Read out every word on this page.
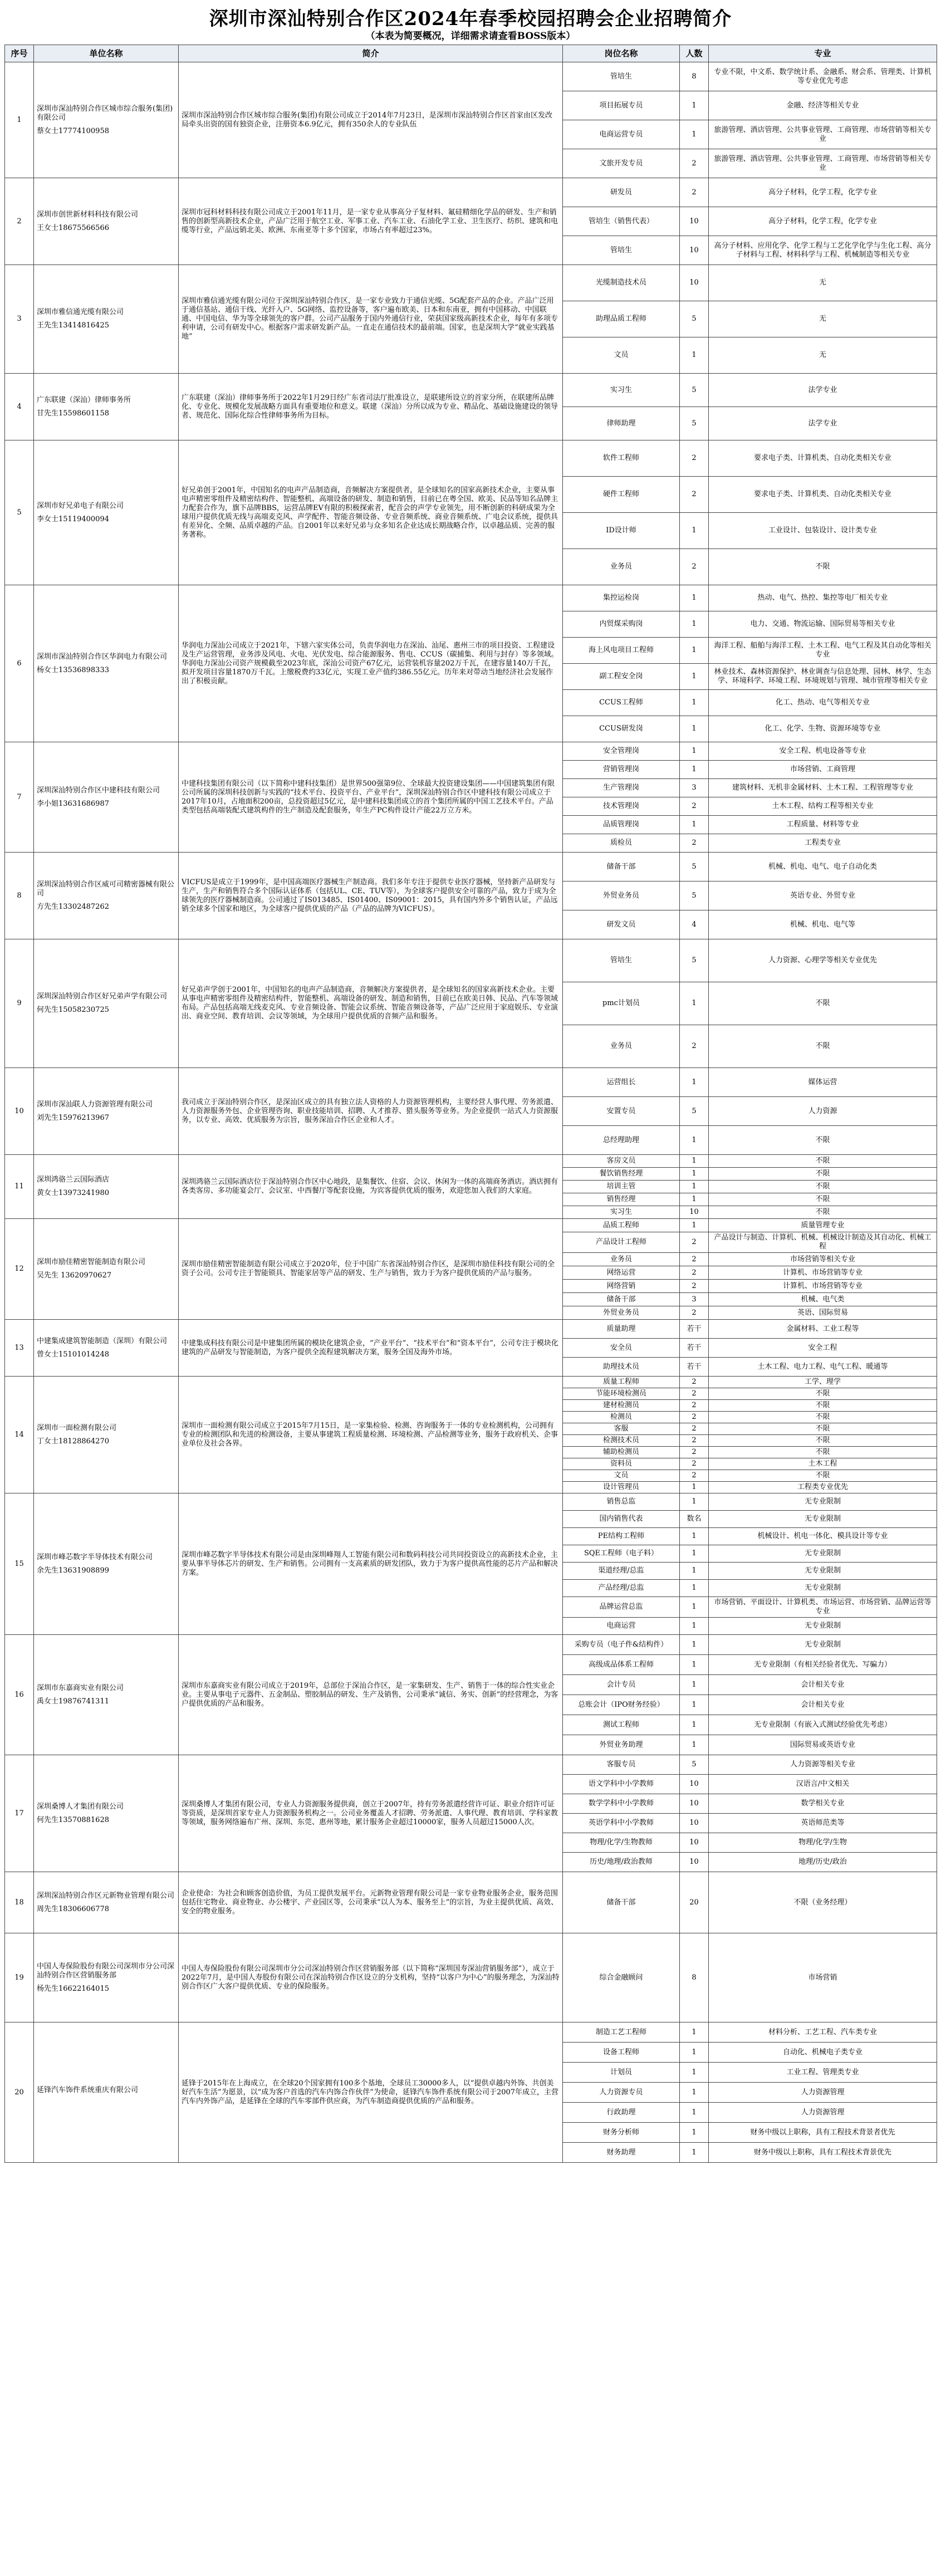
深圳市深汕特别合作区2024年春季校园招聘会企业招聘简介
（本表为简要概况，详细需求请查看BOSS版本）
序号	单位名称	简介	岗位名称	人数	专业
1	深圳市深汕特别合作区城市综合服务(集团)有限公司
蔡女士17774100958	深圳市深汕特别合作区城市综合服务(集团)有限公司成立于2014年7月23日，是深圳市深汕特别合作区首家由区发改局牵头出资的国有独资企业，注册资本6.9亿元，拥有350余人的专业队伍	管培生	8	专业不限，中文系、数学统计系、金融系、财会系、管理类、计算机等专业优先考虑
			项目拓展专员	1	金融、经济等相关专业
			电商运营专员	1	旅游管理、酒店管理、公共事业管理、工商管理、市场营销等相关专业
			文旅开发专员	2	旅游管理、酒店管理、公共事业管理、工商管理、市场营销等相关专业
2	深圳市创世新材料科技有限公司
王女士18675566566	深圳市冠科材料科技有限公司成立于2001年11月，是一家专业从事高分子复材料、氟硅精细化学品的研发、生产和销售的创新型高新技术企业，产品广泛用于航空工业、军事工业、汽车工业、石油化学工业、卫生医疗、纺织、建筑和电缆等行业，产品远销北美、欧洲、东南亚等十多个国家，市场占有率超过23%。	研发员	2	高分子材料，化学工程，化学专业
			管培生（销售代表）	10	高分子材料，化学工程，化学专业
			管培生	10	高分子材料、应用化学、化学工程与工艺化学化学与生化工程、高分子材料与工程、材料科学与工程、机械制造等相关专业
3	深圳市雅信通光缆有限公司
王先生13414816425	深圳市雅信通光缆有限公司位于深圳深汕特别合作区，是一家专业致力于通信光缆、5G配套产品的企业。产品广泛用于通信基站、通信干线、光纤入户、5G网络、监控设备等，客户遍布欧美、日本和东南亚，拥有中国移动、中国联通、中国电信、华为等全球领先的客户群。公司产品服务于国内外通信行业，荣获国家级高新技术企业，每年有多项专利申请，公司有研发中心。根据客户需求研发新产品。一直走在通信技术的最前端。国家，也是深圳大学“就业实践基地”	光缆制造技术员	10	无
			助理品质工程师	5	无
			文员	1	无
4	广东联建（深汕）律师事务所
甘先生15598601158	广东联建（深汕）律师事务所于2022年1月29日经广东省司法厅批准设立，是联建所设立的首家分所，在联建所品牌化、专业化、规模化发展战略方面具有重要地位和意义。联建（深汕）分所以成为专业、精品化、基础设施建设的领导者、规范化、国际化综合性律师事务所为目标。	实习生	5	法学专业
			律师助理	5	法学专业
5	深圳市好兄弟电子有限公司
李女士15119400094	好兄弟创于2001年，中国知名的电声产品制造商，音频解决方案提供者，是全球知名的国家高新技术企业，主要从事电声精密零组件及精密结构件、智能整机、高端设备的研发、制造和销售，目前已在粤全国、欧美、民品等知名品牌主力配套合作为，旗下品牌BBS，运营品牌EV有限的积极探索者，配音会的声学专业领先，用不断创新的科研成果为全球用户提供优质无线与高端麦克风、声学配件、智能音频设备、专业音频系统、商业音频系统、广电会议系统，提供具有差异化、全频、品质卓越的产品。自2001年以来好兄弟与众多知名企业达成长期战略合作，以卓越品质、完善的服务著称。	软件工程师	2	要求电子类、计算机类、自动化类相关专业
			硬件工程师	2	要求电子类、计算机类、自动化类相关专业
			ID设计师	1	工业设计、包装设计、设计类专业
			业务员	2	不限
6	深圳市深汕特别合作区华润电力有限公司
杨女士13536898333	华润电力深汕公司成立于2021年，下辖六家实体公司，负责华润电力在深汕、汕尾、惠州三市的项目投资、工程建设及生产运营管理，业务涉及风电、火电、光伏发电、综合能源服务、售电、CCUS（碳捕集、利用与封存）等多领域。华润电力深汕公司资产规模截至2023年底，深汕公司资产67亿元，运营装机容量202万千瓦，在建容量140万千瓦，拟开发项目容量1870万千瓦。上缴税费约33亿元，实现工业产值约386.55亿元。历年来对带动当地经济社会发展作出了积极贡献。	集控运检岗	1	热动、电气、热控、集控等电厂相关专业
			内贸煤采购岗	1	电力、交通、物流运输、国际贸易等相关专业
			海上风电项目工程师	1	海洋工程、船舶与海洋工程、土木工程、电气工程及其自动化等相关专业
			副工程安全岗	1	林业技术、森林资源保护、林业调查与信息处理、园林、林学、生态学、环境科学、环境工程、环境规划与管理、城市管理等相关专业
			CCUS工程师	1	化工、热动、电气等相关专业
			CCUS研发岗	1	化工、化学、生物、资源环境等专业
7	深圳深汕特别合作区中建科技有限公司
李小姐13631686987	中建科技集团有限公司（以下简称中建科技集团）是世界500强第9位、全球最大投资建设集团——中国建筑集团有限公司所属的深圳科技创新与实践的“技术平台、投资平台、产业平台”，深圳深汕特别合作区中建科技有限公司成立于2017年10月，占地面积200亩，总投资超过5亿元，是中建科技集团成立的首个集团所属的中国工艺技术平台。产品类型包括高端装配式建筑构件的生产制造及配套服务，年生产PC构件设计产能22万立方米。	安全管理岗	1	安全工程、机电设备等专业
			营销管理岗	1	市场营销、工商管理
			生产管理岗	3	建筑材料、无机非金属材料、土木工程、工程管理等专业
			技术管理岗	2	土木工程、结构工程等相关专业
			品质管理岗	1	工程质量、材料等专业
			质检员	2	工程类专业
8	深圳深汕特别合作区威可司精密器械有限公司
方先生13302487262	VICFUS是成立于1999年，是中国高端医疗器械生产制造商。我们多年专注于提供专业医疗器械，坚持新产品研发与生产，生产和销售符合多个国际认证体系（包括UL、CE、TUV等），为全球客户提供安全可靠的产品，致力于成为全球领先的医疗器械制造商。公司通过了IS013485、IS01400、IS09001：2015，具有国内外多个销售认证，产品远销全球多个国家和地区，为全球客户提供优质的产品（产品的品牌为VICFUS）。	储备干部	5	机械、机电、电气、电子自动化类
			外贸业务员	5	英语专业、外贸专业
			研发文员	4	机械、机电、电气等
9	深圳深汕特别合作区好兄弟声学有限公司
何先生15058230725	好兄弟声学创于2001年，中国知名的电声产品制造商，音频解决方案提供者，是全球知名的国家高新技术企业。主要从事电声精密零组件及精密结构件，智能整机、高端设备的研发、制造和销售，目前已在欧美日韩、民品、汽车等领域布局。产品包括高端无线麦克风、专业音频设备、智能会议系统、智能音频设备等，产品广泛应用于家庭娱乐、专业演出、商业空间、教育培训、会议等领域，为全球用户提供优质的音频产品和服务。	管培生	5	人力资源、心理学等相关专业优先
			pmc计划员	1	不限
			业务员	2	不限
10	深圳市深汕联人力资源管理有限公司
刘先生15976213967	我司成立于深汕特别合作区，是深汕区成立的具有独立法人资格的人力资源管理机构，主要经营人事代理、劳务派遣、人力资源服务外包、企业管理咨询、职业技能培训、招聘、人才推荐、猎头服务等业务。为企业提供一站式人力资源服务，以专业、高效、优质服务为宗旨，服务深汕合作区企业和人才。	运营组长	1	媒体运营
			安置专员	5	人力资源
			总经理助理	1	不限
11	深圳鸿骆兰云国际酒店
黄女士13973241980	深圳鸿骆兰云国际酒店位于深汕特别合作区中心地段，是集餐饮、住宿、会议、休闲为一体的高端商务酒店。酒店拥有各类客房、多功能宴会厅、会议室、中西餐厅等配套设施，为宾客提供优质的服务，欢迎您加入我们的大家庭。	客房文员	1	不限
			餐饮销售经理	1	不限
			培训主管	1	不限
			销售经理	1	不限
			实习生	10	不限
12	深圳市励佳精密智能制造有限公司
吴先生 13620970627	深圳市励佳精密智能制造有限公司成立于2020年，位于中国广东省深汕特别合作区，是深圳市励佳科技有限公司的全资子公司。公司专注于智能锁具、智能家居等产品的研发、生产与销售，致力于为客户提供优质的产品与服务。	品质工程师	1	质量管理专业
			产品设计工程师	2	产品设计与制造、计算机、机械、机械设计制造及其自动化、机械工程
			业务员	2	市场营销等相关专业
			网络运营	2	计算机、市场营销等专业
			网络营销	2	计算机、市场营销等专业
			储备干部	3	机械、电气类
			外贸业务员	2	英语、国际贸易
13	中建集成建筑智能制造（深圳）有限公司
曾女士15101014248	中建集成科技有限公司是中建集团所属的模块化建筑企业，“产业平台”、“技术平台”和“资本平台”，公司专注于模块化建筑的产品研发与智能制造，为客户提供全流程建筑解决方案，服务全国及海外市场。	质量助理	若干	金属材料、工业工程等
			安全员	若干	安全工程
			助理技术员	若干	土木工程、电力工程、电气工程、暖通等
14	深圳市一面检测有限公司
丁女士18128864270	深圳市一面检测有限公司成立于2015年7月15日，是一家集检验、检测、咨询服务于一体的专业检测机构，公司拥有专业的检测团队和先进的检测设备，主要从事建筑工程质量检测、环境检测、产品检测等业务，服务于政府机关、企事业单位及社会各界。	质量工程师	2	工学、理学
			节能环境检测员	2	不限
			建材检测员	2	不限
			检测员	2	不限
			客服	2	不限
			检测技术员	2	不限
			辅助检测员	2	不限
			资料员	2	土木工程
			文员	2	不限
			设计管理员	1	工程类专业优先
15	深圳市峰芯数字半导体技术有限公司
余先生13631908899	深圳市峰芯数字半导体技术有限公司是由深圳峰翔人工智能有限公司和数码科技公司共同投资设立的高新技术企业，主要从事半导体芯片的研发、生产和销售。公司拥有一支高素质的研发团队，致力于为客户提供高性能的芯片产品和解决方案。	销售总监	1	无专业限制
			国内销售代表	数名	无专业限制
			PE结构工程师	1	机械设计、机电一体化、模具设计等专业
			SQE工程师（电子料）	1	无专业限制
			渠道经理/总监	1	无专业限制
			产品经理/总监	1	无专业限制
			品牌运营总监	1	市场营销、平面设计、计算机类、市场运营、市场营销、品牌运营等专业
			电商运营	1	无专业限制
16	深圳市东嘉商实业有限公司
禹女士19876741311	深圳市东嘉商实业有限公司成立于2019年，总部位于深汕合作区，是一家集研发、生产、销售于一体的综合性实业企业。主要从事电子元器件、五金制品、塑胶制品的研发、生产及销售，公司秉承“诚信、务实、创新”的经营理念，为客户提供优质的产品和服务。	采购专员（电子件&结构件）	1	无专业限制
			高级成品体系工程师	1	无专业限制（有相关经验者优先、写骗力）
			会计专员	1	会计相关专业
			总账会计（IPO财务经验）	1	会计相关专业
			测试工程师	1	无专业限制（有嵌入式测试经验优先考虑）
			外贸业务助理	1	国际贸易或英语专业
17	深圳桑博人才集团有限公司
何先生13570881628	深圳桑博人才集团有限公司，专业人力资源服务提供商，创立于2007年，持有劳务派遣经营许可证、职业介绍许可证等资质，是深圳首家专业人力资源服务机构之一。公司业务覆盖人才招聘、劳务派遣、人事代理、教育培训、学科家教等领域，服务网络遍布广州、深圳、东莞、惠州等地，累计服务企业超过10000家，服务人员超过15000人次。	客服专员	5	人力资源等相关专业
			语文学科中小学教师	10	汉语言/中文相关
			数学学科中小学教师	10	数学相关专业
			英语学科中小学教师	10	英语师范类等
			物理/化学/生物教师	10	物理/化学/生物
			历史/地理/政治教师	10	地理/历史/政治
18	深圳深汕特别合作区元新物业管理有限公司
周先生18306606778	企业使命：为社会和顾客创造价值，为员工提供发展平台。元新物业管理有限公司是一家专业物业服务企业，服务范围包括住宅物业、商业物业、办公楼宇、产业园区等，公司秉承“以人为本、服务至上”的宗旨，为业主提供优质、高效、安全的物业服务。	储备干部	20	不限（业务经理）
19	中国人寿保险股份有限公司深圳市分公司深汕特别合作区营销服务部
杨先生16622164015	中国人寿保险股份有限公司深圳市分公司深汕特别合作区营销服务部（以下简称“深圳国寿深汕营销服务部”），成立于2022年7月，是中国人寿股份有限公司在深汕特别合作区设立的分支机构，坚持“以客户为中心”的服务理念，为深汕特别合作区广大客户提供优质、专业的保险服务。	综合金融顾问	8	市场营销
20	延锋汽车饰件系统重庆有限公司	延锋于2015年在上海成立，在全球20个国家拥有100多个基地，全球员工30000多人，以“提供卓越内外饰、共创美好汽车生活”为愿景，以“成为客户首选的汽车内饰合作伙伴”为使命，延锋汽车饰件系统有限公司于2007年成立，主营汽车内外饰产品，是延锋在全球的汽车零部件供应商，为汽车制造商提供优质的产品和服务。	制造工艺工程师	1	材料分析、工艺工程、汽车类专业
			设备工程师	1	自动化、机械电子类专业
			计划员	1	工业工程、管理类专业
			人力资源专员	1	人力资源管理
			行政助理	1	人力资源管理
			财务分析师	1	财务中级以上职称，具有工程技术背景者优先
			财务助理	1	财务中级以上职称，具有工程技术背景优先
